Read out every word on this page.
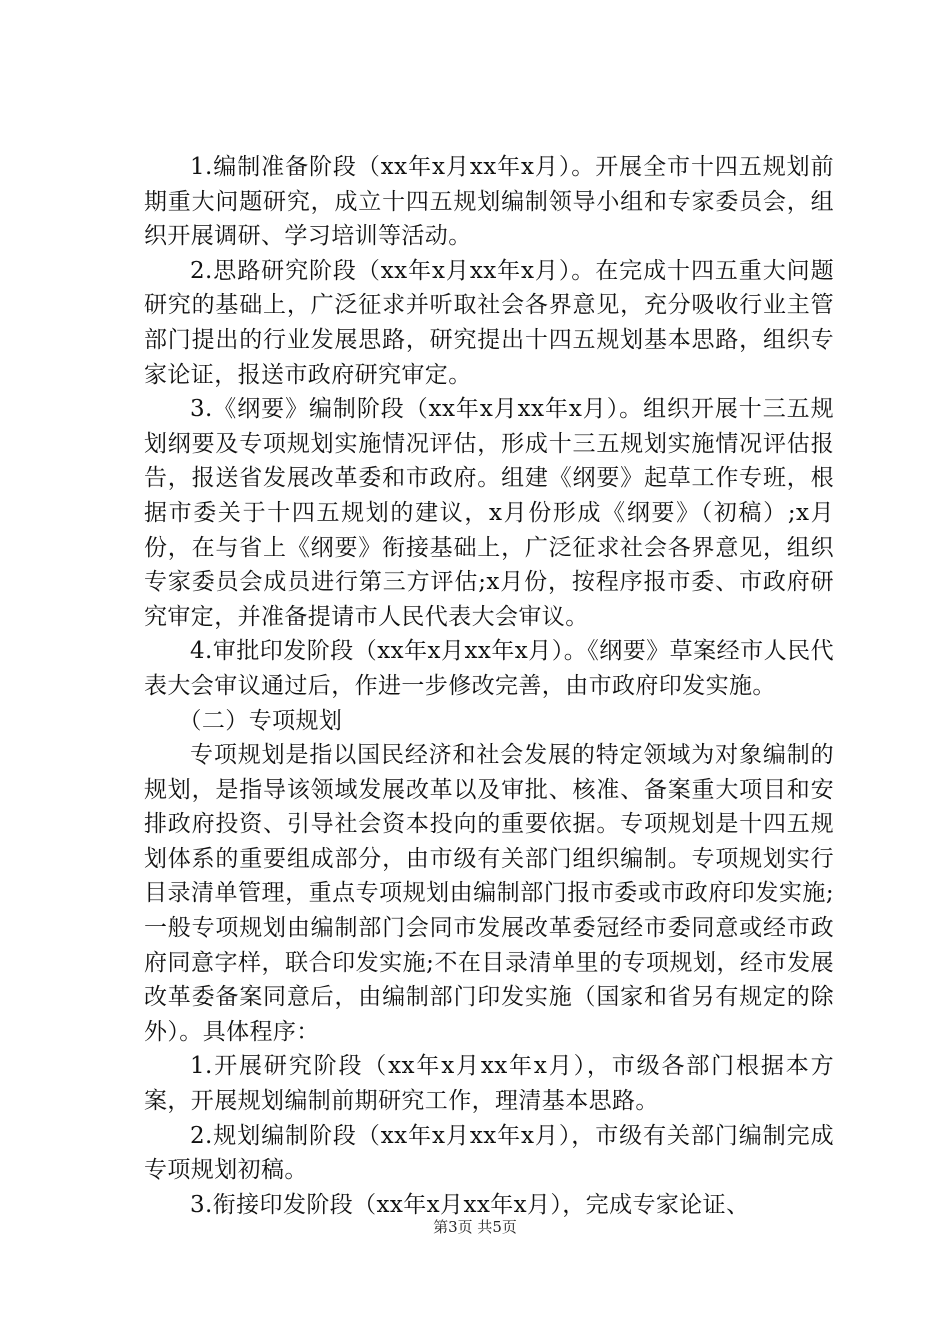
1.编制准备阶段（xx年x月xx年x月）。开展全市十四五规划前期重大问题研究，成立十四五规划编制领导小组和专家委员会，组织开展调研、学习培训等活动。

2.思路研究阶段（xx年x月xx年x月）。在完成十四五重大问题研究的基础上，广泛征求并听取社会各界意见，充分吸收行业主管部门提出的行业发展思路，研究提出十四五规划基本思路，组织专家论证，报送市政府研究审定。

3.《纲要》编制阶段（xx年x月xx年x月）。组织开展十三五规划纲要及专项规划实施情况评估，形成十三五规划实施情况评估报告，报送省发展改革委和市政府。组建《纲要》起草工作专班，根据市委关于十四五规划的建议，x月份形成《纲要》（初稿）;x月份，在与省上《纲要》衔接基础上，广泛征求社会各界意见，组织专家委员会成员进行第三方评估;x月份，按程序报市委、市政府研究审定，并准备提请市人民代表大会审议。

4.审批印发阶段（xx年x月xx年x月）。《纲要》草案经市人民代表大会审议通过后，作进一步修改完善，由市政府印发实施。

（二）专项规划

专项规划是指以国民经济和社会发展的特定领域为对象编制的规划，是指导该领域发展改革以及审批、核准、备案重大项目和安排政府投资、引导社会资本投向的重要依据。专项规划是十四五规划体系的重要组成部分，由市级有关部门组织编制。专项规划实行目录清单管理，重点专项规划由编制部门报市委或市政府印发实施;一般专项规划由编制部门会同市发展改革委冠经市委同意或经市政府同意字样，联合印发实施;不在目录清单里的专项规划，经市发展改革委备案同意后，由编制部门印发实施（国家和省另有规定的除外）。具体程序：

1.开展研究阶段（xx年x月xx年x月），市级各部门根据本方案，开展规划编制前期研究工作，理清基本思路。

2.规划编制阶段（xx年x月xx年x月），市级有关部门编制完成专项规划初稿。

3.衔接印发阶段（xx年x月xx年x月），完成专家论证、

第3页 共5页
